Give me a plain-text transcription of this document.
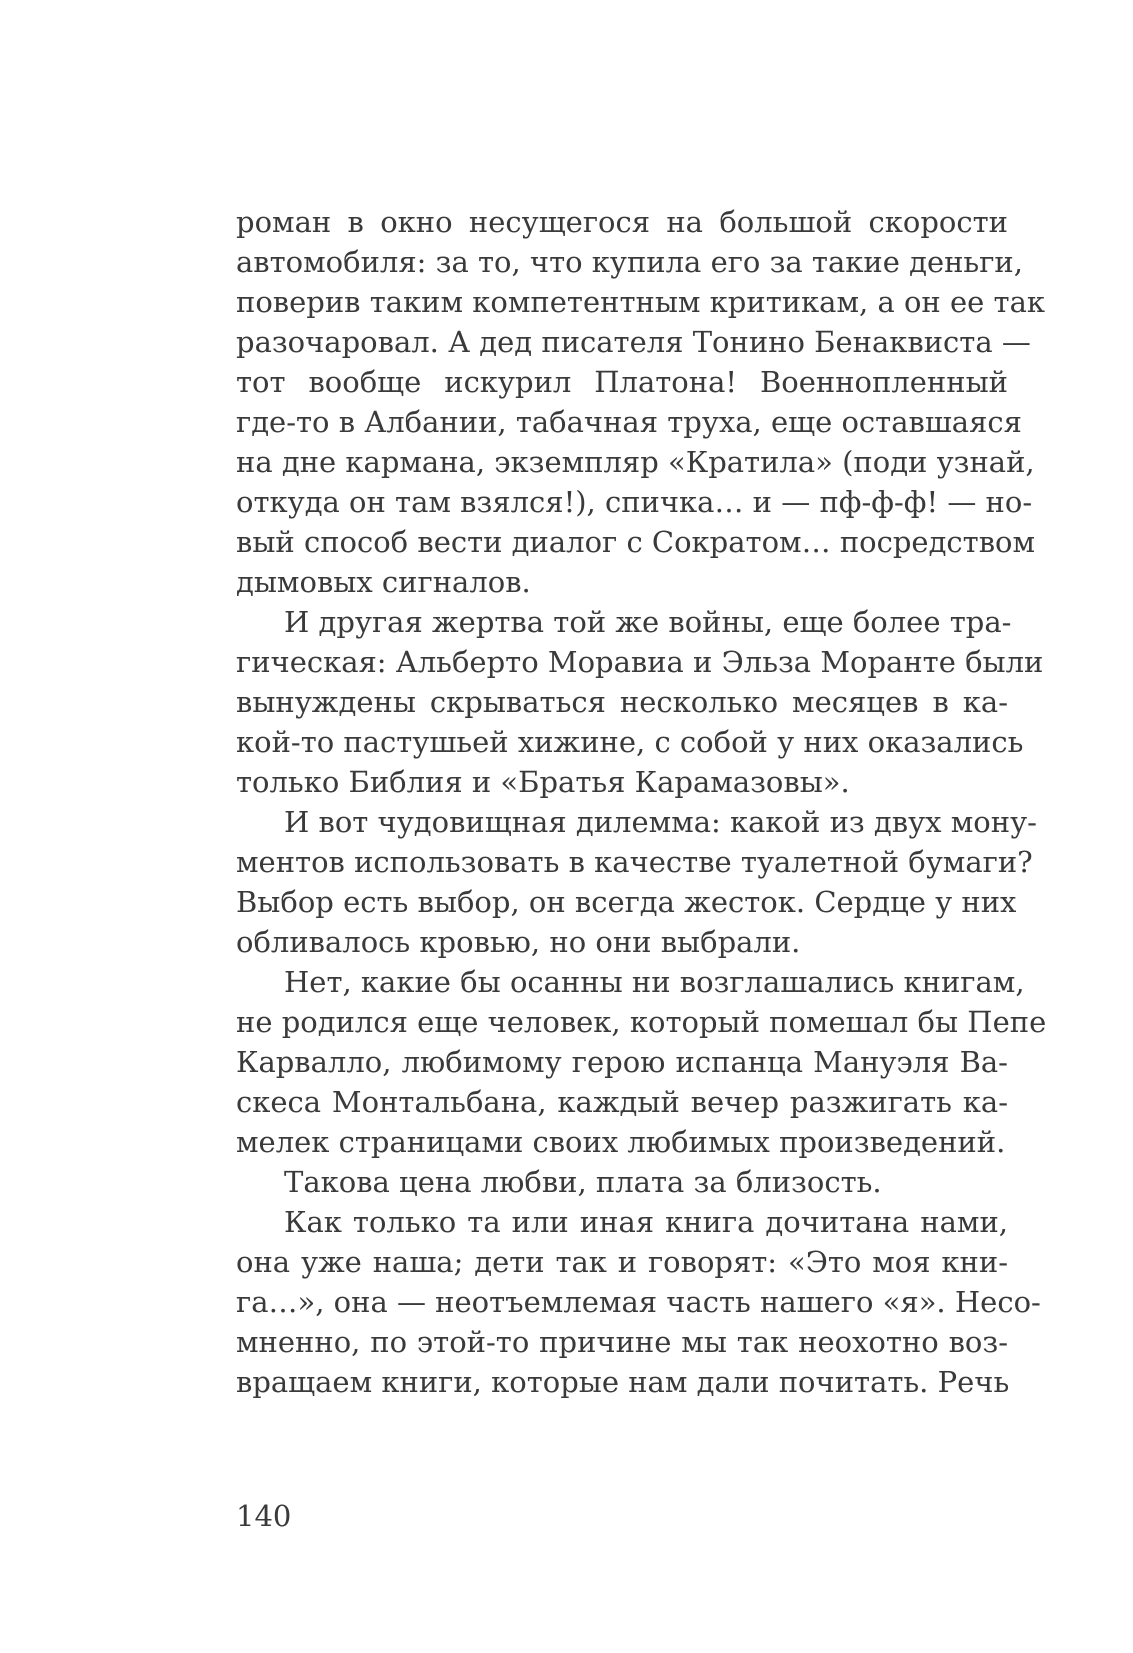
роман в окно несущегося на большой скорости
автомобиля: за то, что купила его за такие деньги,
поверив таким компетентным критикам, а он ее так
разочаровал. А дед писателя Тонино Бенаквиста —
тот вообще искурил Платона! Военнопленный
где-то в Албании, табачная труха, еще оставшаяся
на дне кармана, экземпляр «Кратила» (поди узнай,
откуда он там взялся!), спичка… и — пф-ф-ф! — но-
вый способ вести диалог с Сократом… посредством
дымовых сигналов.
И другая жертва той же войны, еще более тра-
гическая: Альберто Моравиа и Эльза Моранте были
вынуждены скрываться несколько месяцев в ка-
кой-то пастушьей хижине, с собой у них оказались
только Библия и «Братья Карамазовы».
И вот чудовищная дилемма: какой из двух мону-
ментов использовать в качестве туалетной бумаги?
Выбор есть выбор, он всегда жесток. Сердце у них
обливалось кровью, но они выбрали.
Нет, какие бы осанны ни возглашались книгам,
не родился еще человек, который помешал бы Пепе
Карвалло, любимому герою испанца Мануэля Ва-
скеса Монтальбана, каждый вечер разжигать ка-
мелек страницами своих любимых произведений.
Такова цена любви, плата за близость.
Как только та или иная книга дочитана нами,
она уже наша; дети так и говорят: «Это моя кни-
га…», она — неотъемлемая часть нашего «я». Несо-
мненно, по этой-то причине мы так неохотно воз-
вращаем книги, которые нам дали почитать. Речь
140
